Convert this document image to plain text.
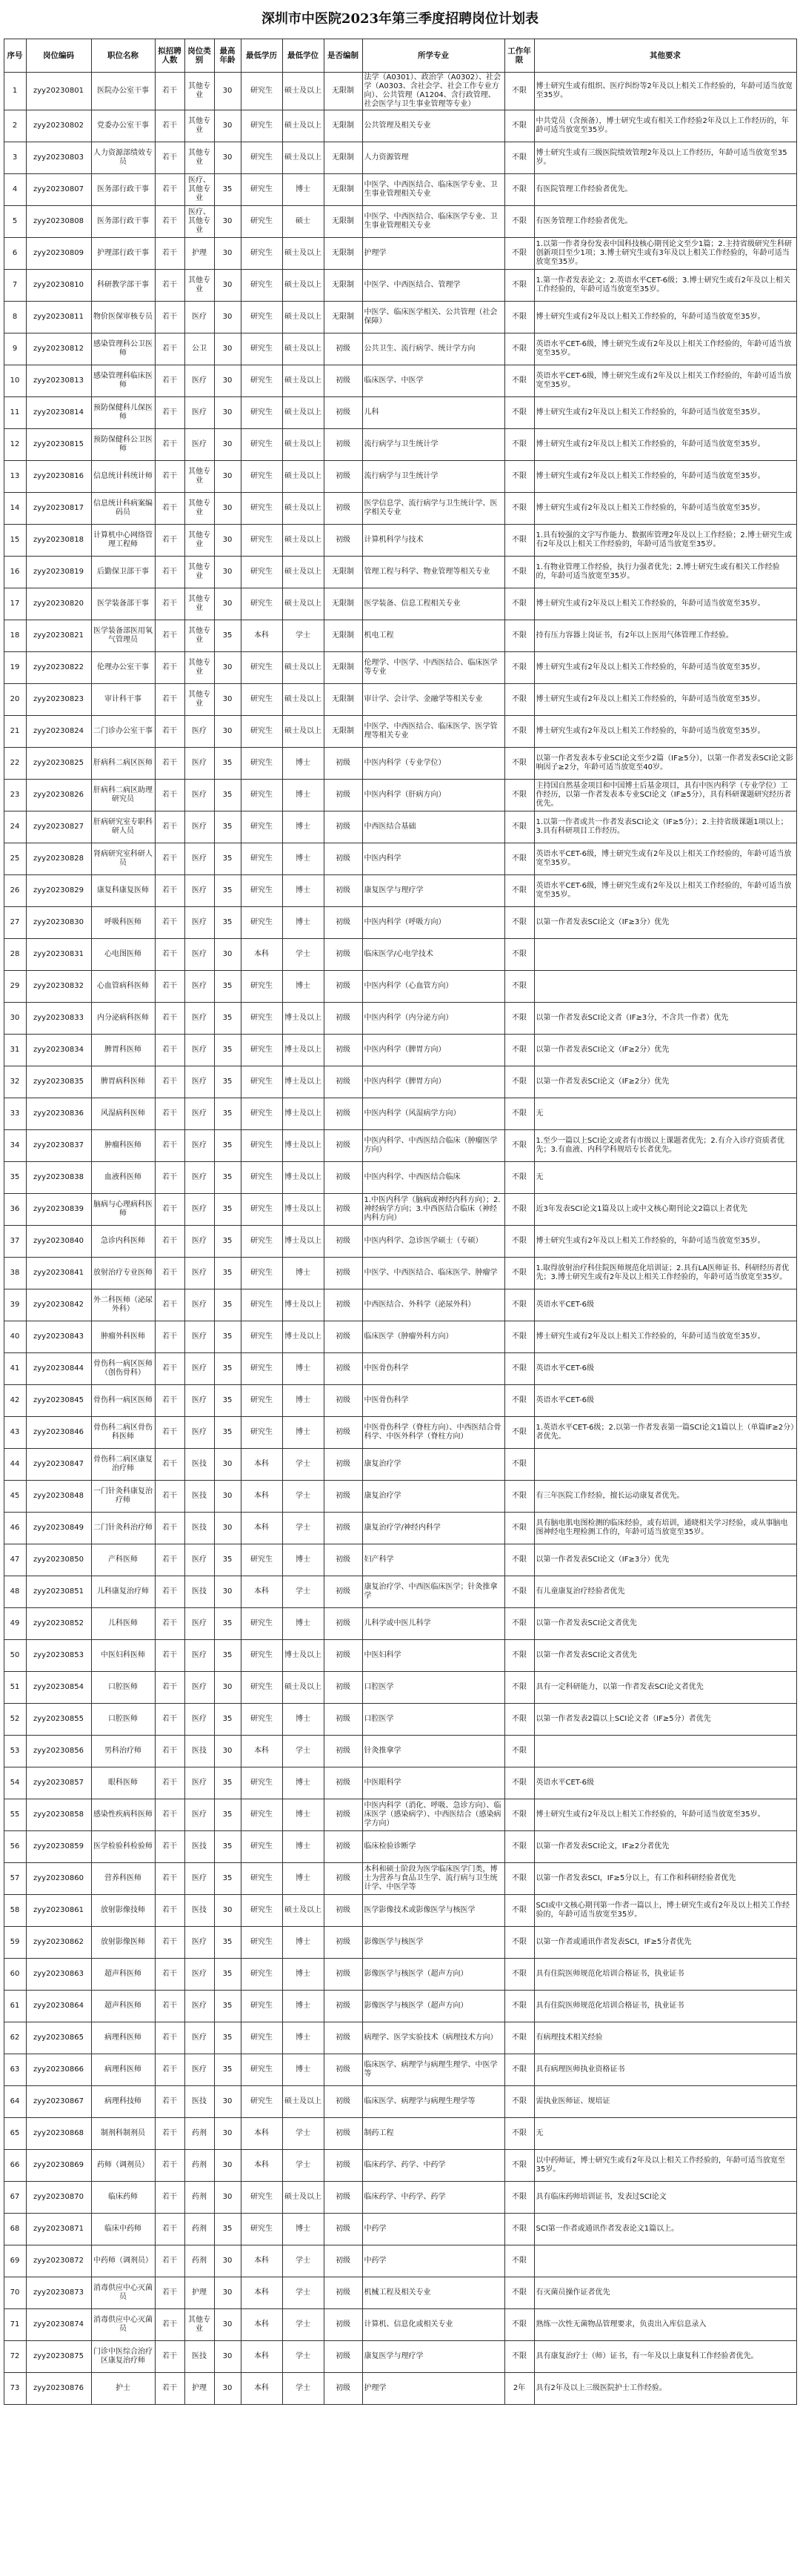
深圳市中医院2023年第三季度招聘岗位计划表
序号	岗位编码	职位名称	拟招聘人数	岗位类别	最高年龄	最低学历	最低学位	是否编制	所学专业	工作年限	其他要求
1	zyy20230801	医院办公室干事	若干	其他专业	30	研究生	硕士及以上	无限制	法学（A0301）、政治学（A0302）、社会学（A0303、含社会学、社会工作专业方向）、公共管理（A1204、含行政管理、社会医学与卫生事业管理等专业）	不限	博士研究生或有组织、医疗纠纷等2年及以上相关工作经验的，年龄可适当放宽至35岁。
2	zyy20230802	党委办公室干事	若干	其他专业	30	研究生	硕士及以上	无限制	公共管理及相关专业	不限	中共党员（含预备），博士研究生或有相关工作经验2年及以上工作经历的，年龄可适当放宽至35岁。
3	zyy20230803	人力资源部绩效专员	若干	其他专业	30	研究生	硕士及以上	无限制	人力资源管理	不限	博士研究生或有三级医院绩效管理2年及以上工作经历，年龄可适当放宽至35岁。
4	zyy20230807	医务部行政干事	若干	医疗、其他专业	35	研究生	博士	无限制	中医学、中西医结合、临床医学专业、卫生事业管理相关专业	不限	有医院管理工作经验者优先。
5	zyy20230808	医务部行政干事	若干	医疗、其他专业	30	研究生	硕士	无限制	中医学、中西医结合、临床医学专业、卫生事业管理相关专业	不限	有医务管理工作经验者优先。
6	zyy20230809	护理部行政干事	若干	护理	30	研究生	硕士及以上	无限制	护理学	不限	1.以第一作者身份发表中国科技核心期刊论文至少1篇；2.主持省级研究生科研创新项目至少1项；3.博士研究生或有3年及以上相关工作经验的，年龄可适当放宽至35岁。
7	zyy20230810	科研教学部干事	若干	其他专业	30	研究生	硕士及以上	无限制	中医学、中西医结合、管理学	不限	1.第一作者发表论文；2.英语水平CET-6级；3.博士研究生或有2年及以上相关工作经验的，年龄可适当放宽至35岁。
8	zyy20230811	物价医保审核专员	若干	医疗	30	研究生	硕士及以上	无限制	中医学、临床医学相关、公共管理（社会保障）	不限	博士研究生或有2年及以上相关工作经验的，年龄可适当放宽至35岁。
9	zyy20230812	感染管理科公卫医师	若干	公卫	30	研究生	硕士及以上	初级	公共卫生、流行病学、统计学方向	不限	英语水平CET-6级，博士研究生或有2年及以上相关工作经验的，年龄可适当放宽至35岁。
10	zyy20230813	感染管理科临床医师	若干	医疗	30	研究生	硕士及以上	初级	临床医学、中医学	不限	英语水平CET-6级，博士研究生或有2年及以上相关工作经验的，年龄可适当放宽至35岁。
11	zyy20230814	预防保健科儿保医师	若干	医疗	30	研究生	硕士及以上	初级	儿科	不限	博士研究生或有2年及以上相关工作经验的，年龄可适当放宽至35岁。
12	zyy20230815	预防保健科公卫医师	若干	医疗	30	研究生	硕士及以上	初级	流行病学与卫生统计学	不限	博士研究生或有2年及以上相关工作经验的，年龄可适当放宽至35岁。
13	zyy20230816	信息统计科统计师	若干	其他专业	30	研究生	硕士及以上	初级	流行病学与卫生统计学	不限	博士研究生或有2年及以上相关工作经验的，年龄可适当放宽至35岁。
14	zyy20230817	信息统计科病案编码员	若干	其他专业	30	研究生	硕士及以上	初级	医学信息学、流行病学与卫生统计学、医学相关专业	不限	博士研究生或有2年及以上相关工作经验的，年龄可适当放宽至35岁。
15	zyy20230818	计算机中心网络管理工程师	若干	其他专业	30	研究生	硕士及以上	初级	计算机科学与技术	不限	1.具有较强的文字写作能力、数据库管理2年及以上工作经验；2.博士研究生或有2年及以上相关工作经验的，年龄可适当放宽至35岁。
16	zyy20230819	后勤保卫部干事	若干	其他专业	30	研究生	硕士及以上	无限制	管理工程与科学、物业管理等相关专业	不限	1.有物业管理工作经验，执行力强者优先；2.博士研究生或有相关工作经验的，年龄可适当放宽至35岁。
17	zyy20230820	医学装备部干事	若干	其他专业	30	研究生	硕士及以上	无限制	医学装备、信息工程相关专业	不限	博士研究生或有2年及以上相关工作经验的，年龄可适当放宽至35岁。
18	zyy20230821	医学装备部医用氧气管理员	若干	其他专业	35	本科	学士	无限制	机电工程	不限	持有压力容器上岗证书，有2年以上医用气体管理工作经验。
19	zyy20230822	伦理办公室干事	若干	其他专业	30	研究生	硕士及以上	无限制	伦理学、中医学、中西医结合、临床医学等专业	不限	博士研究生或有2年及以上相关工作经验的，年龄可适当放宽至35岁。
20	zyy20230823	审计科干事	若干	其他专业	30	研究生	硕士及以上	无限制	审计学、会计学、金融学等相关专业	不限	博士研究生或有2年及以上相关工作经验的，年龄可适当放宽至35岁。
21	zyy20230824	二门诊办公室干事	若干	医疗	30	研究生	硕士及以上	无限制	中医学、中西医结合、临床医学、医学管理等相关专业	不限	博士研究生或有2年及以上相关工作经验的，年龄可适当放宽至35岁。
22	zyy20230825	肝病科二病区医师	若干	医疗	35	研究生	博士	初级	中医内科学（专业学位）	不限	以第一作者发表本专业SCI论文至少2篇（IF≥5分），以第一作者发表SCI论文影响因子≥2分，年龄可适当放宽至40岁。
23	zyy20230826	肝病科二病区助理研究员	若干	医疗	35	研究生	博士	初级	中医内科学（肝病方向）	不限	主持国自然基金项目和中国博士后基金项目，具有中医内科学（专业学位）工作经历，以第一作者发表本专业SCI论文（IF≥5分），具有科研课题研究经历者优先。
24	zyy20230827	肝病研究室专职科研人员	若干	医疗	35	研究生	博士	初级	中西医结合基础	不限	1.以第一作者或共一作者发表SCI论文（IF≥5分）；2.主持省级课题1项以上；3.具有科研项目工作经历。
25	zyy20230828	肾病研究室科研人员	若干	医疗	35	研究生	博士	初级	中医内科学	不限	英语水平CET-6级，博士研究生或有2年及以上相关工作经验的，年龄可适当放宽至35岁。
26	zyy20230829	康复科康复医师	若干	医疗	35	研究生	博士	初级	康复医学与理疗学	不限	英语水平CET-6级，博士研究生或有2年及以上相关工作经验的，年龄可适当放宽至35岁。
27	zyy20230830	呼吸科医师	若干	医疗	35	研究生	博士	初级	中医内科学（呼吸方向）	不限	以第一作者发表SCI论文（IF≥3分）优先
28	zyy20230831	心电图医师	若干	医疗	30	本科	学士	初级	临床医学/心电学技术	不限	
29	zyy20230832	心血管病科医师	若干	医疗	35	研究生	博士	初级	中医内科学（心血管方向）	不限	
30	zyy20230833	内分泌病科医师	若干	医疗	35	研究生	博士及以上	初级	中医内科学（内分泌方向）	不限	以第一作者发表SCI论文者（IF≥3分，不含共一作者）优先
31	zyy20230834	脾胃科医师	若干	医疗	35	研究生	博士及以上	初级	中医内科学（脾胃方向）	不限	以第一作者发表SCI论文（IF≥2分）优先
32	zyy20230835	脾胃病科医师	若干	医疗	35	研究生	博士及以上	初级	中医内科学（脾胃方向）	不限	以第一作者发表SCI论文（IF≥2分）优先
33	zyy20230836	风湿病科医师	若干	医疗	35	研究生	博士及以上	初级	中医内科学（风湿病学方向）	不限	无
34	zyy20230837	肿瘤科医师	若干	医疗	35	研究生	博士及以上	初级	中医内科学、中西医结合临床（肿瘤医学方向）	不限	1.至少一篇以上SCI论文或者有市级以上课题者优先；2.有介入诊疗资质者优先；3.有血液、内科学科规培专长者优先。
35	zyy20230838	血液科医师	若干	医疗	35	研究生	博士及以上	初级	中医内科学、中西医结合临床	不限	无
36	zyy20230839	脑病与心理病科医师	若干	医疗	35	研究生	博士及以上	初级	1.中医内科学（脑病或神经内科方向）；2.神经病学方向；3.中西医结合临床（神经内科方向）	不限	近3年发表SCI论文1篇及以上或中文核心期刊论文2篇以上者优先
37	zyy20230840	急诊内科医师	若干	医疗	35	研究生	博士及以上	初级	中医内科学、急诊医学硕士（专硕）	不限	博士研究生或有2年及以上相关工作经验的，年龄可适当放宽至35岁。
38	zyy20230841	放射治疗专业医师	若干	医疗	35	研究生	博士	初级	中医学、中西医结合、临床医学、肿瘤学	不限	1.取得放射治疗科住院医师规范化培训证；2.具有LA医师证书、科研经历者优先；3.博士研究生或有2年及以上相关工作经验的，年龄可适当放宽至35岁。
39	zyy20230842	外二科医师（泌尿外科）	若干	医疗	35	研究生	博士及以上	初级	中西医结合、外科学（泌尿外科）	不限	英语水平CET-6级
40	zyy20230843	肿瘤外科医师	若干	医疗	35	研究生	博士及以上	初级	临床医学（肿瘤外科方向）	不限	博士研究生或有2年及以上相关工作经验的，年龄可适当放宽至35岁。
41	zyy20230844	骨伤科一病区医师（创伤骨科）	若干	医疗	35	研究生	博士	初级	中医骨伤科学	不限	英语水平CET-6级
42	zyy20230845	骨伤科一病区医师	若干	医疗	35	研究生	博士	初级	中医骨伤科学	不限	英语水平CET-6级
43	zyy20230846	骨伤科二病区骨伤科医师	若干	医疗	35	研究生	博士	初级	中医骨伤科学（脊柱方向）、中西医结合骨科学、中医外科学（脊柱方向）	不限	1.英语水平CET-6级；2.以第一作者发表第一篇SCI论文1篇以上（单篇IF≥2分）者优先。
44	zyy20230847	骨伤科二病区康复治疗师	若干	医技	30	本科	学士	初级	康复治疗学	不限	
45	zyy20230848	一门针灸科康复治疗师	若干	医技	30	本科	学士	初级	康复治疗学	不限	有三年医院工作经验，擅长运动康复者优先。
46	zyy20230849	二门针灸科治疗师	若干	医技	30	本科	学士	初级	康复治疗学/神经内科学	不限	具有脑电肌电图检测的临床经验，或有培训，通晓相关学习经验，或从事脑电图神经电生理检测工作的，年龄可适当放宽至35岁。
47	zyy20230850	产科医师	若干	医疗	35	研究生	博士	初级	妇产科学	不限	以第一作者发表SCI论文（IF≥3分）优先
48	zyy20230851	儿科康复治疗师	若干	医技	30	本科	学士	初级	康复治疗学、中西医临床医学；针灸推拿学	不限	有儿童康复治疗经验者优先
49	zyy20230852	儿科医师	若干	医疗	35	研究生	博士	初级	儿科学或中医儿科学	不限	以第一作者发表SCI论文者优先
50	zyy20230853	中医妇科医师	若干	医疗	35	研究生	博士及以上	初级	中医妇科学	不限	以第一作者发表SCI论文者优先
51	zyy20230854	口腔医师	若干	医疗	30	研究生	硕士及以上	初级	口腔医学	不限	具有一定科研能力，以第一作者发表SCI论文者优先
52	zyy20230855	口腔医师	若干	医疗	35	研究生	博士	初级	口腔医学	不限	以第一作者发表2篇以上SCI论文者（IF≥5分）者优先
53	zyy20230856	男科治疗师	若干	医技	30	本科	学士	初级	针灸推拿学	不限	
54	zyy20230857	眼科医师	若干	医疗	35	研究生	博士	初级	中医眼科学	不限	英语水平CET-6级
55	zyy20230858	感染性疾病科医师	若干	医疗	35	研究生	博士	初级	中医内科学（消化、呼吸、急诊方向）、临床医学（感染病学）、中西医结合（感染病学方向）	不限	博士研究生或有2年及以上相关工作经验的，年龄可适当放宽至35岁。
56	zyy20230859	医学检验科检验师	若干	医技	35	研究生	博士	初级	临床检验诊断学	不限	以第一作者发表SCI论文，IF≥2分者优先
57	zyy20230860	营养科医师	若干	医疗	35	研究生	博士	初级	本科和硕士阶段为医学临床医学门类，博士为营养与食品卫生学、流行病与卫生统计学、中医学等	不限	以第一作者发表SCI，IF≥5分以上，有工作和科研经验者优先
58	zyy20230861	放射影像技师	若干	医技	30	研究生	硕士及以上	初级	医学影像技术或影像医学与核医学	不限	SCI或中文核心期刊第一作者一篇以上，博士研究生或有2年及以上相关工作经验的，年龄可适当放宽至35岁。
59	zyy20230862	放射影像医师	若干	医疗	35	研究生	博士	初级	影像医学与核医学	不限	以第一作者或通讯作者发表SCI，IF≥5分者优先
60	zyy20230863	超声科医师	若干	医疗	35	研究生	博士	初级	影像医学与核医学（超声方向）	不限	具有住院医师规范化培训合格证书，执业证书
61	zyy20230864	超声科医师	若干	医疗	35	研究生	博士	初级	影像医学与核医学（超声方向）	不限	具有住院医师规范化培训合格证书，执业证书
62	zyy20230865	病理科医师	若干	医疗	35	研究生	博士	初级	病理学、医学实验技术（病理技术方向）	不限	有病理技术相关经验
63	zyy20230866	病理科医师	若干	医疗	35	研究生	博士	初级	临床医学、病理学与病理生理学、中医学等	不限	具有病理医师执业资格证书
64	zyy20230867	病理科技师	若干	医技	30	研究生	硕士及以上	初级	临床医学、病理学与病理生理学等	不限	需执业医师证、规培证
65	zyy20230868	制剂科制剂员	若干	药剂	30	本科	学士	初级	制药工程	不限	无
66	zyy20230869	药师（调剂员）	若干	药剂	30	本科	学士	初级	临床药学、药学、中药学	不限	以中药师证，博士研究生或有2年及以上相关工作经验的，年龄可适当放宽至35岁。
67	zyy20230870	临床药师	若干	药剂	30	研究生	硕士及以上	初级	临床药学、中药学、药学	不限	具有临床药师培训证书，发表过SCI论文
68	zyy20230871	临床中药师	若干	药剂	35	研究生	博士	初级	中药学	不限	SCI第一作者或通讯作者发表论文1篇以上。
69	zyy20230872	中药师（调剂员）	若干	药剂	30	本科	学士	初级	中药学	不限	
70	zyy20230873	消毒供应中心灭菌员	若干	护理	30	本科	学士	初级	机械工程及相关专业	不限	有灭菌员操作证者优先
71	zyy20230874	消毒供应中心灭菌员	若干	其他专业	30	本科	学士	初级	计算机、信息化或相关专业	不限	熟练一次性无菌物品管理要求，负责出入库信息录入
72	zyy20230875	门诊中医综合治疗区康复治疗师	若干	医技	30	本科	学士	初级	康复医学与理疗学	不限	具有康复治疗士（师）证书，有一年及以上康复科工作经验者优先。
73	zyy20230876	护士	若干	护理	30	本科	学士	初级	护理学	2年	具有2年及以上三级医院护士工作经验。
